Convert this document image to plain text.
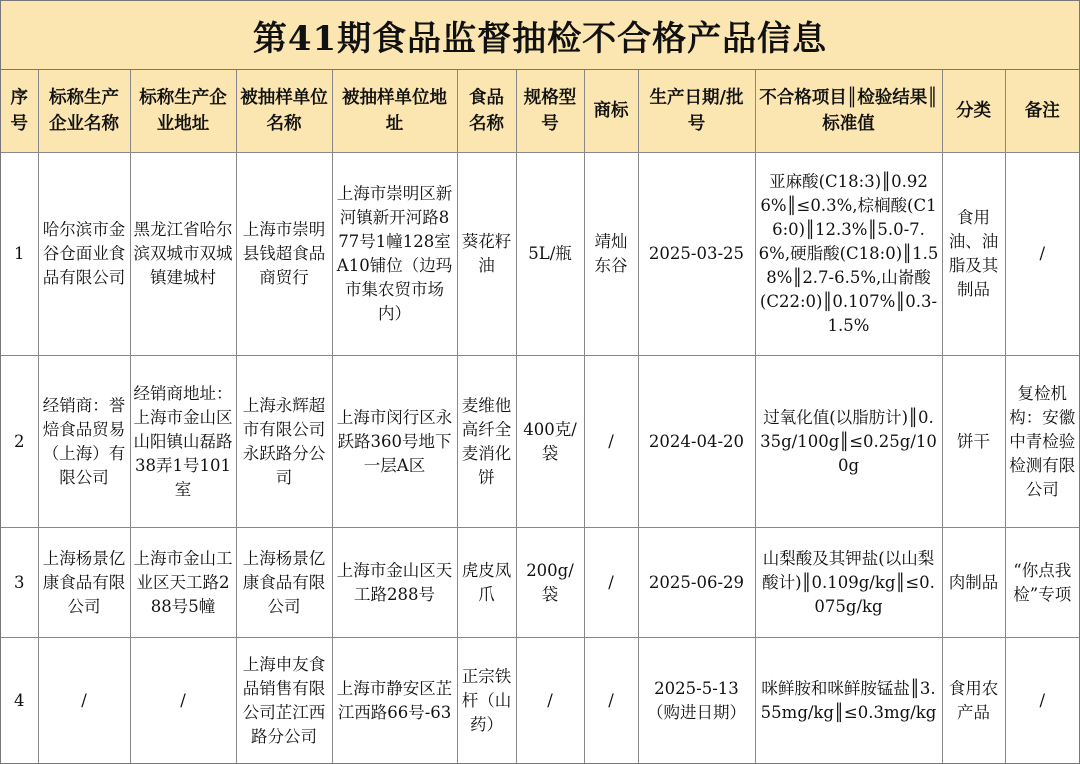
第41期食品监督抽检不合格产品信息
序号	标称生产企业名称	标称生产企业地址	被抽样单位名称	被抽样单位地址	食品名称	规格型号	商标	生产日期/批号	不合格项目║检验结果║标准值	分类	备注
1	哈尔滨市金谷仓面业食品有限公司	黑龙江省哈尔滨双城市双城镇建城村	上海市崇明县钱超食品商贸行	上海市崇明区新河镇新开河路877号1幢128室A10铺位（边玛市集农贸市场内）	葵花籽油	5L/瓶	靖灿东谷	2025-03-25	亚麻酸(C18:3)║0.926%║≤0.3%,棕榈酸(C16:0)║12.3%║5.0-7.6%,硬脂酸(C18:0)║1.58%║2.7-6.5%,山嵛酸(C22:0)║0.107%║0.3-1.5%	食用油、油脂及其制品	/
2	经销商：誉焙食品贸易（上海）有限公司	经销商地址： 上海市金山区山阳镇山磊路38弄1号101室	上海永辉超市有限公司永跃路分公司	上海市闵行区永跃路360号地下一层A区	麦维他高纤全麦消化饼	400克/袋	/	2024-04-20	过氧化值(以脂肪计)║0.35g/100g║≤0.25g/100g	饼干	复检机构：安徽中青检验检测有限公司
3	上海杨景亿康食品有限公司	上海市金山工业区天工路288号5幢	上海杨景亿康食品有限公司	上海市金山区天工路288号	虎皮凤爪	200g/袋	/	2025-06-29	山梨酸及其钾盐(以山梨酸计)║0.109g/kg║≤0.075g/kg	肉制品	“你点我检”专项
4	/	/	上海申友食品销售有限公司芷江西路分公司	上海市静安区芷江西路66号-63	正宗铁杆（山药）	/	/	2025-5-13（购进日期）	咪鲜胺和咪鲜胺锰盐║3.55mg/kg║≤0.3mg/kg	食用农产品	/
